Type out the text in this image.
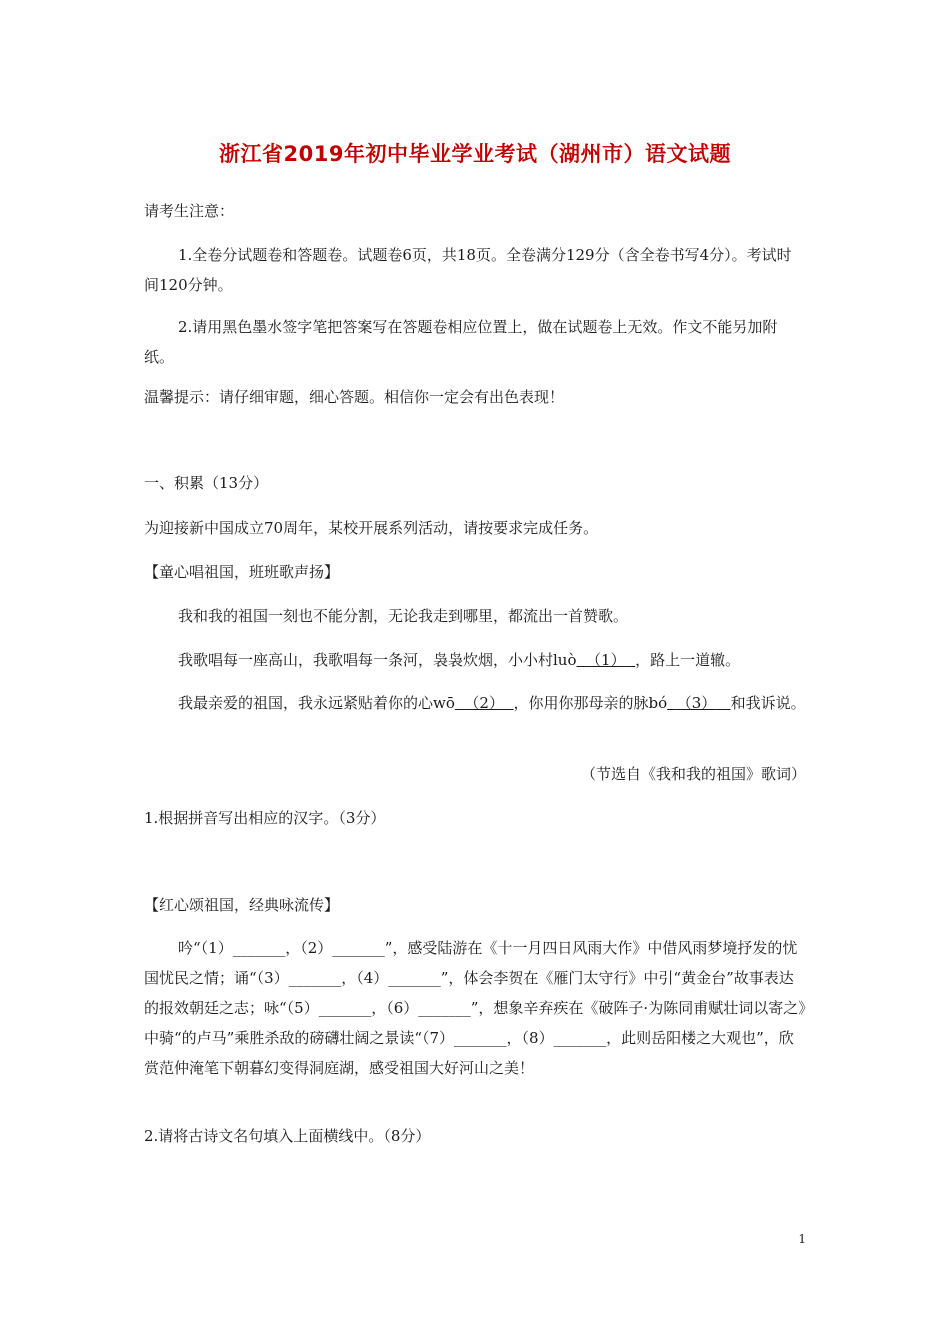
浙江省2019年初中毕业学业考试（湖州市）语文试题

请考生注意：

1.全卷分试题卷和答题卷。试题卷6页，共18页。全卷满分129分（含全卷书写4分）。考试时间120分钟。

2.请用黑色墨水签字笔把答案写在答题卷相应位置上，做在试题卷上无效。作文不能另加附纸。

温馨提示：请仔细审题，细心答题。相信你一定会有出色表现！

一、积累（13分）

为迎接新中国成立70周年，某校开展系列活动，请按要求完成任务。

【童心唱祖国，班班歌声扬】

我和我的祖国一刻也不能分割，无论我走到哪里，都流出一首赞歌。

我歌唱每一座高山，我歌唱每一条河，袅袅炊烟，小小村luò （1） ，路上一道辙。

我最亲爱的祖国，我永远紧贴着你的心wō （2） ，你用你那母亲的脉bó （3） 和我诉说。

（节选自《我和我的祖国》歌词）

1.根据拼音写出相应的汉字。（3分）

【红心颂祖国，经典咏流传】

吟“（1）_______，（2）_______”，感受陆游在《十一月四日风雨大作》中借风雨梦境抒发的忧国忧民之情；诵“（3）_______，（4）_______”，体会李贺在《雁门太守行》中引“黄金台”故事表达的报效朝廷之志；咏“（5）_______，（6）_______”，想象辛弃疾在《破阵子·为陈同甫赋壮词以寄之》中骑“的卢马”乘胜杀敌的磅礴壮阔之景读“（7）_______，（8）_______，此则岳阳楼之大观也”，欣赏范仲淹笔下朝暮幻变得洞庭湖，感受祖国大好河山之美！

2.请将古诗文名句填入上面横线中。（8分）

1
